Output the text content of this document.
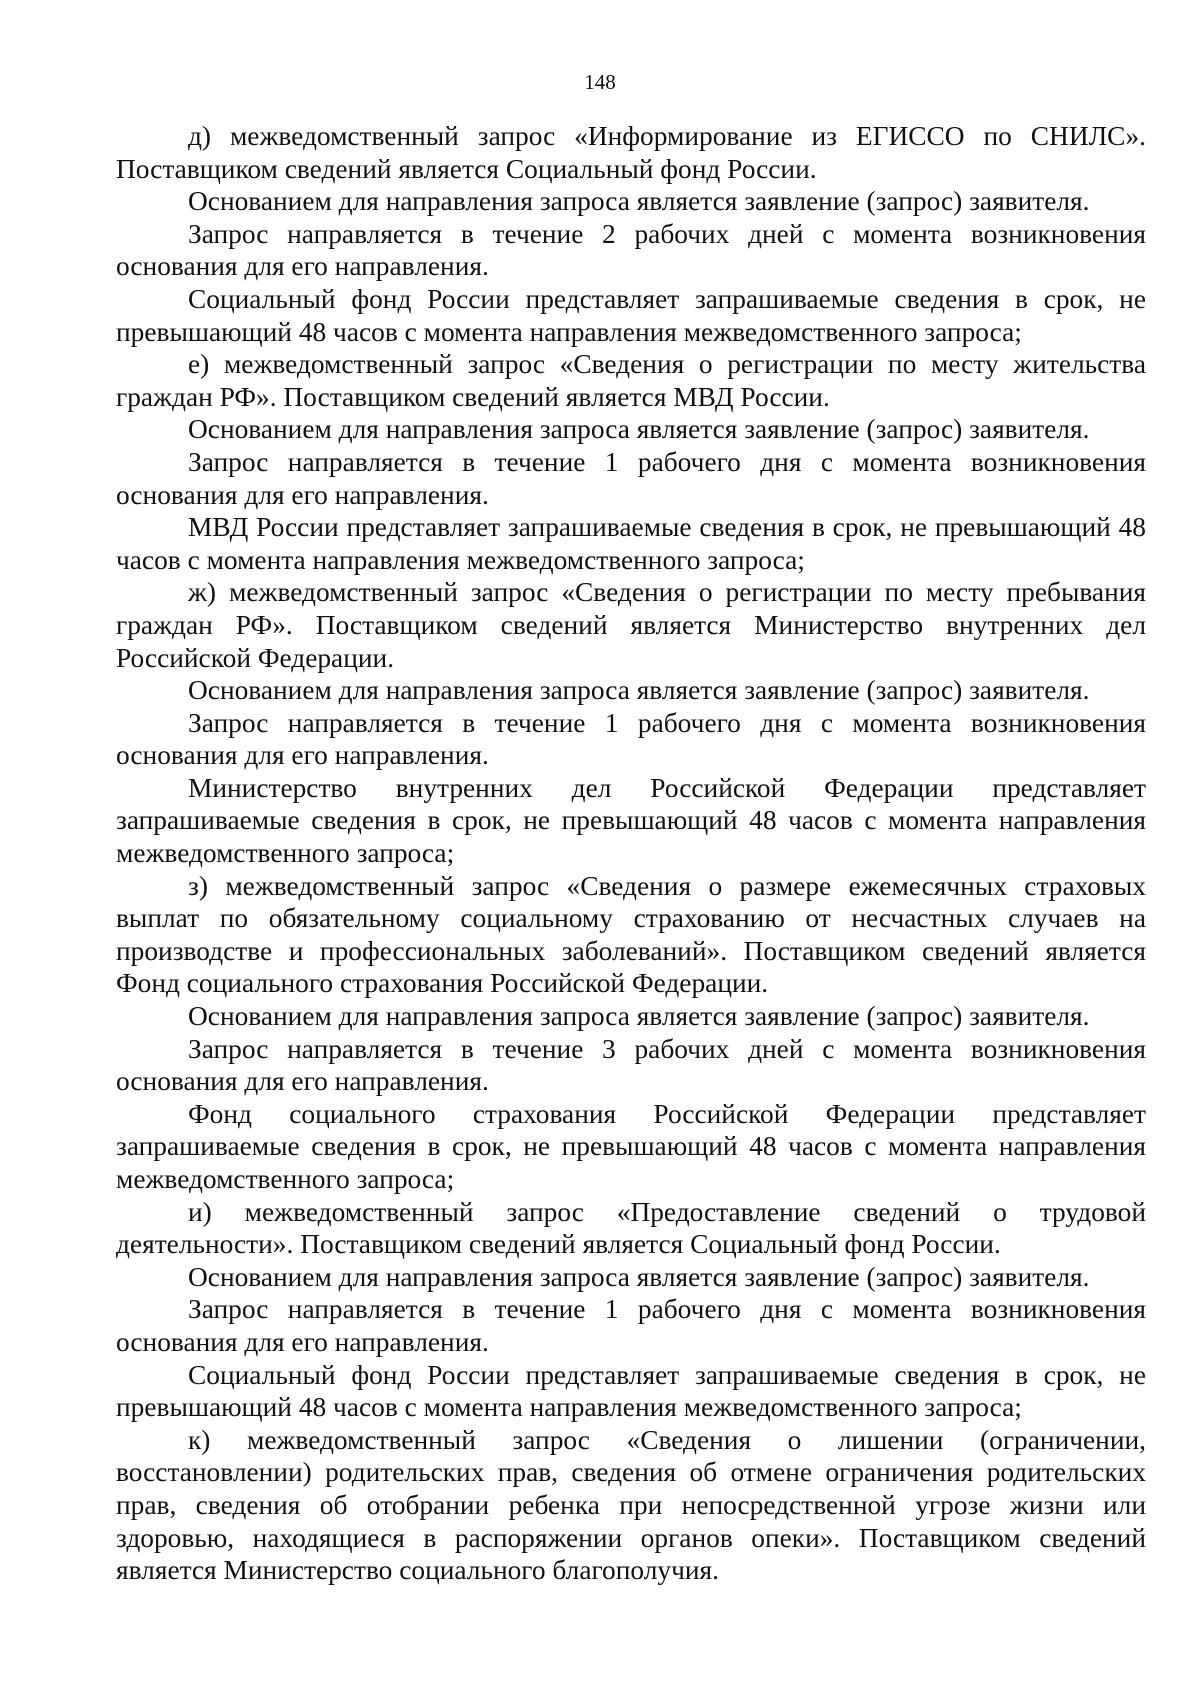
148

д) межведомственный запрос «Информирование из ЕГИССО по СНИЛС». Поставщиком сведений является Социальный фонд России.

Основанием для направления запроса является заявление (запрос) заявителя.

Запрос направляется в течение 2 рабочих дней с момента возникновения основания для его направления.

Социальный фонд России представляет запрашиваемые сведения в срок, не превышающий 48 часов с момента направления межведомственного запроса;

е) межведомственный запрос «Сведения о регистрации по месту жительства граждан РФ». Поставщиком сведений является МВД России.

Основанием для направления запроса является заявление (запрос) заявителя.

Запрос направляется в течение 1 рабочего дня с момента возникновения основания для его направления.

МВД России представляет запрашиваемые сведения в срок, не превышающий 48 часов с момента направления межведомственного запроса;

ж) межведомственный запрос «Сведения о регистрации по месту пребывания граждан РФ». Поставщиком сведений является Министерство внутренних дел Российской Федерации.

Основанием для направления запроса является заявление (запрос) заявителя.

Запрос направляется в течение 1 рабочего дня с момента возникновения основания для его направления.

Министерство внутренних дел Российской Федерации представляет запрашиваемые сведения в срок, не превышающий 48 часов с момента направления межведомственного запроса;

з) межведомственный запрос «Сведения о размере ежемесячных страховых выплат по обязательному социальному страхованию от несчастных случаев на производстве и профессиональных заболеваний». Поставщиком сведений является Фонд социального страхования Российской Федерации.

Основанием для направления запроса является заявление (запрос) заявителя.

Запрос направляется в течение 3 рабочих дней с момента возникновения основания для его направления.

Фонд социального страхования Российской Федерации представляет запрашиваемые сведения в срок, не превышающий 48 часов с момента направления межведомственного запроса;

и) межведомственный запрос «Предоставление сведений о трудовой деятельности». Поставщиком сведений является Социальный фонд России.

Основанием для направления запроса является заявление (запрос) заявителя.

Запрос направляется в течение 1 рабочего дня с момента возникновения основания для его направления.

Социальный фонд России представляет запрашиваемые сведения в срок, не превышающий 48 часов с момента направления межведомственного запроса;

к) межведомственный запрос «Сведения о лишении (ограничении, восстановлении) родительских прав, сведения об отмене ограничения родительских прав, сведения об отобрании ребенка при непосредственной угрозе жизни или здоровью, находящиеся в распоряжении органов опеки». Поставщиком сведений является Министерство социального благополучия.
